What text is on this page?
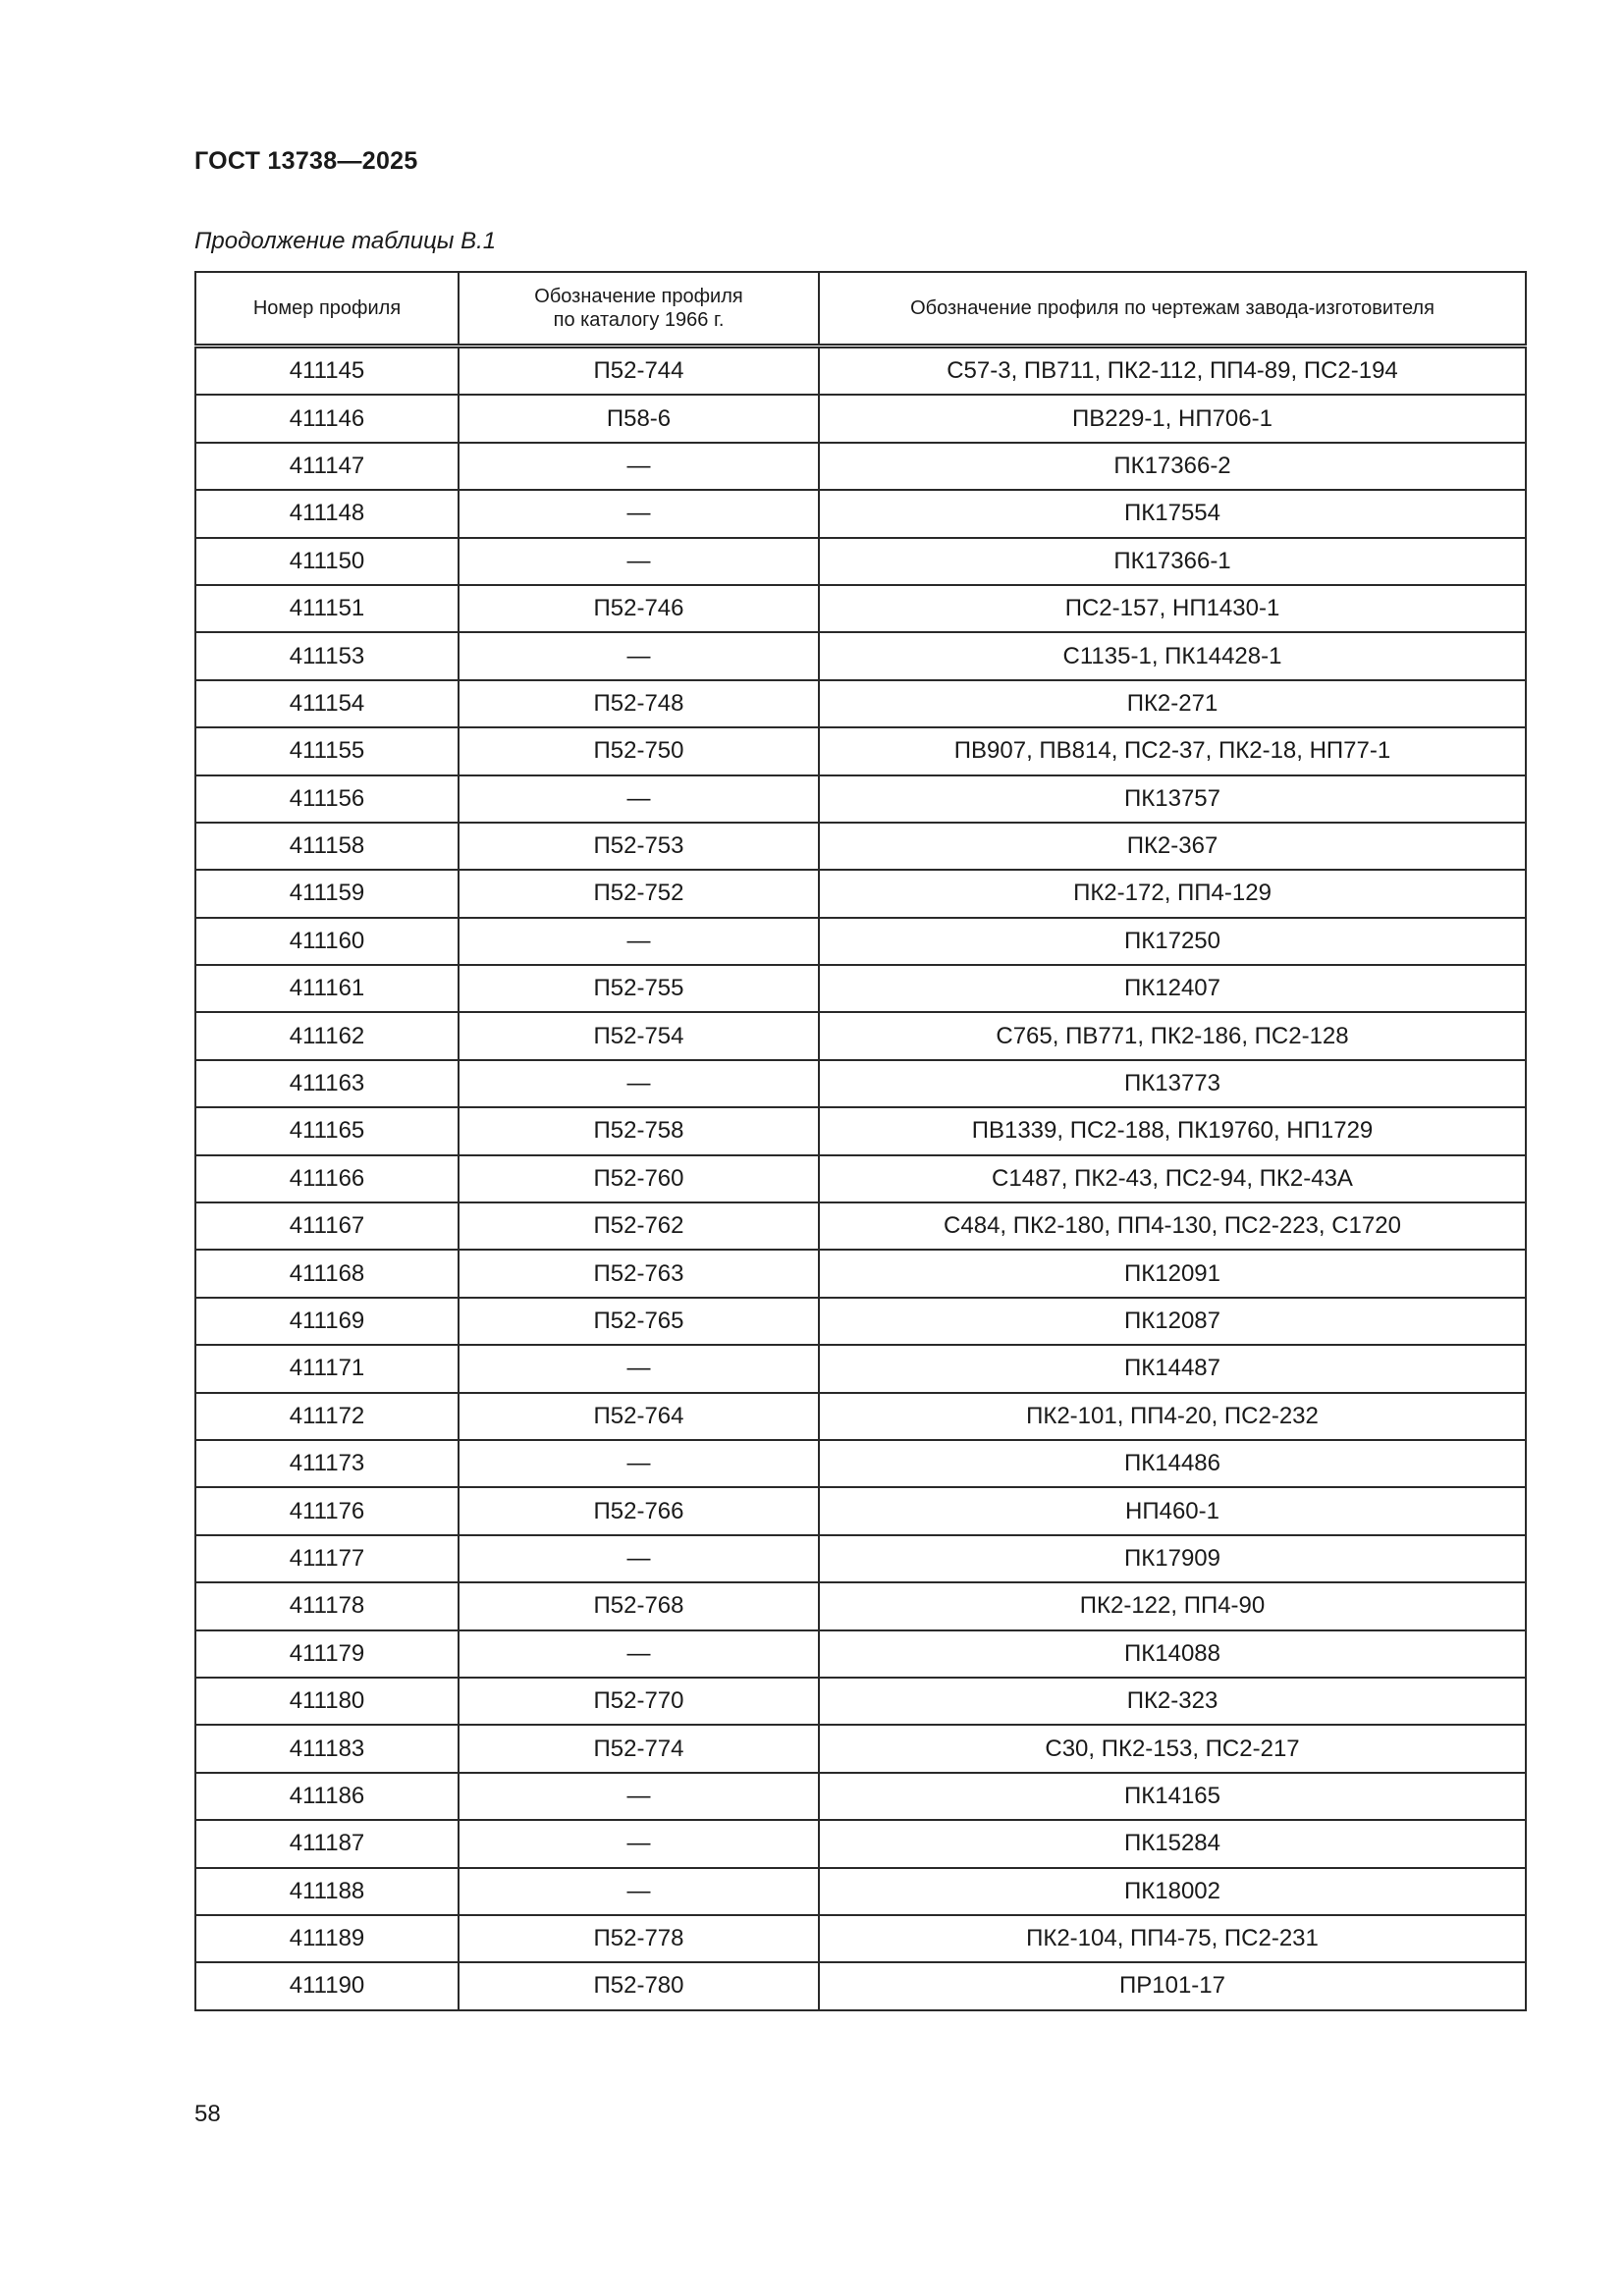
ГОСТ 13738—2025
Продолжение таблицы В.1
Номер профиля	Обозначение профиля по каталогу 1966 г.	Обозначение профиля по чертежам завода-изготовителя
411145	П52-744	С57-3, ПВ711, ПК2-112, ПП4-89, ПС2-194
411146	П58-6	ПВ229-1, НП706-1
411147	—	ПК17366-2
411148	—	ПК17554
411150	—	ПК17366-1
411151	П52-746	ПС2-157, НП1430-1
411153	—	С1135-1, ПК14428-1
411154	П52-748	ПК2-271
411155	П52-750	ПВ907, ПВ814, ПС2-37, ПК2-18, НП77-1
411156	—	ПК13757
411158	П52-753	ПК2-367
411159	П52-752	ПК2-172, ПП4-129
411160	—	ПК17250
411161	П52-755	ПК12407
411162	П52-754	С765, ПВ771, ПК2-186, ПС2-128
411163	—	ПК13773
411165	П52-758	ПВ1339, ПС2-188, ПК19760, НП1729
411166	П52-760	С1487, ПК2-43, ПС2-94, ПК2-43А
411167	П52-762	С484, ПК2-180, ПП4-130, ПС2-223, С1720
411168	П52-763	ПК12091
411169	П52-765	ПК12087
411171	—	ПК14487
411172	П52-764	ПК2-101, ПП4-20, ПС2-232
411173	—	ПК14486
411176	П52-766	НП460-1
411177	—	ПК17909
411178	П52-768	ПК2-122, ПП4-90
411179	—	ПК14088
411180	П52-770	ПК2-323
411183	П52-774	С30, ПК2-153, ПС2-217
411186	—	ПК14165
411187	—	ПК15284
411188	—	ПК18002
411189	П52-778	ПК2-104, ПП4-75, ПС2-231
411190	П52-780	ПР101-17
58
